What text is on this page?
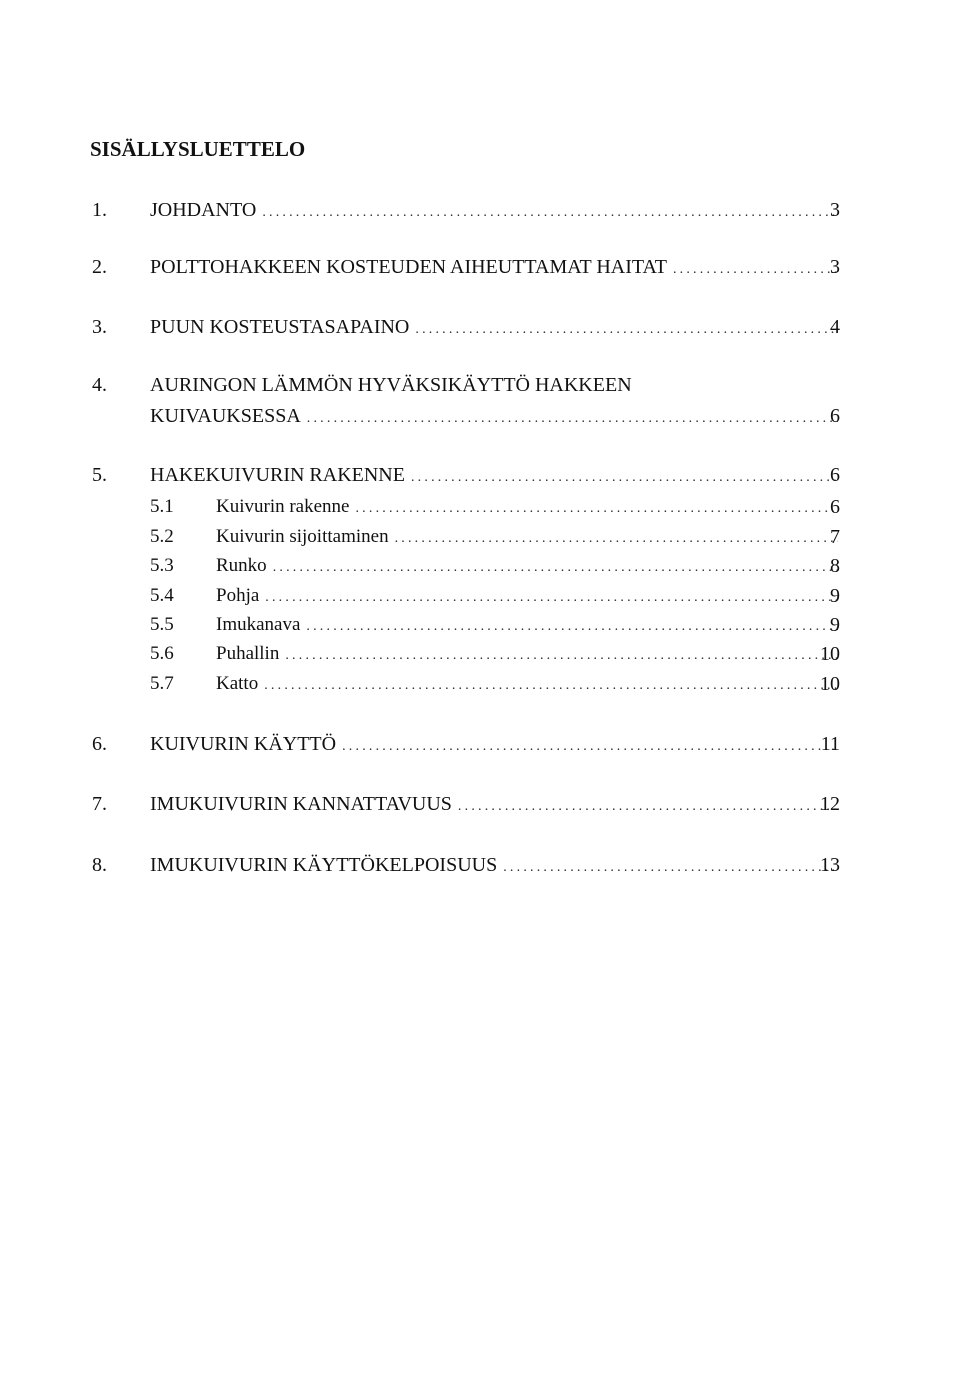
SISÄLLYSLUETTELO
1. JOHDANTO .....	3
2. POLTTOHAKKEEN KOSTEUDEN AIHEUTTAMAT HAITAT .....	3
3. PUUN KOSTEUSTASAPAINO .....	4
4. AURINGON LÄMMÖN HYVÄKSIKÄYTTÖ HAKKEEN
KUIVAUKSESSA .....	6
5. HAKEKUIVURIN RAKENNE .....	6
5.1 Kuivurin rakenne .....	6
5.2 Kuivurin sijoittaminen .....	7
5.3 Runko .....	8
5.4 Pohja .....	9
5.5 Imukanava .....	9
5.6 Puhallin .....	10
5.7 Katto .....	10
6. KUIVURIN KÄYTTÖ .....	11
7. IMUKUIVURIN KANNATTAVUUS .....	12
8. IMUKUIVURIN KÄYTTÖKELPOISUUS .....	13
